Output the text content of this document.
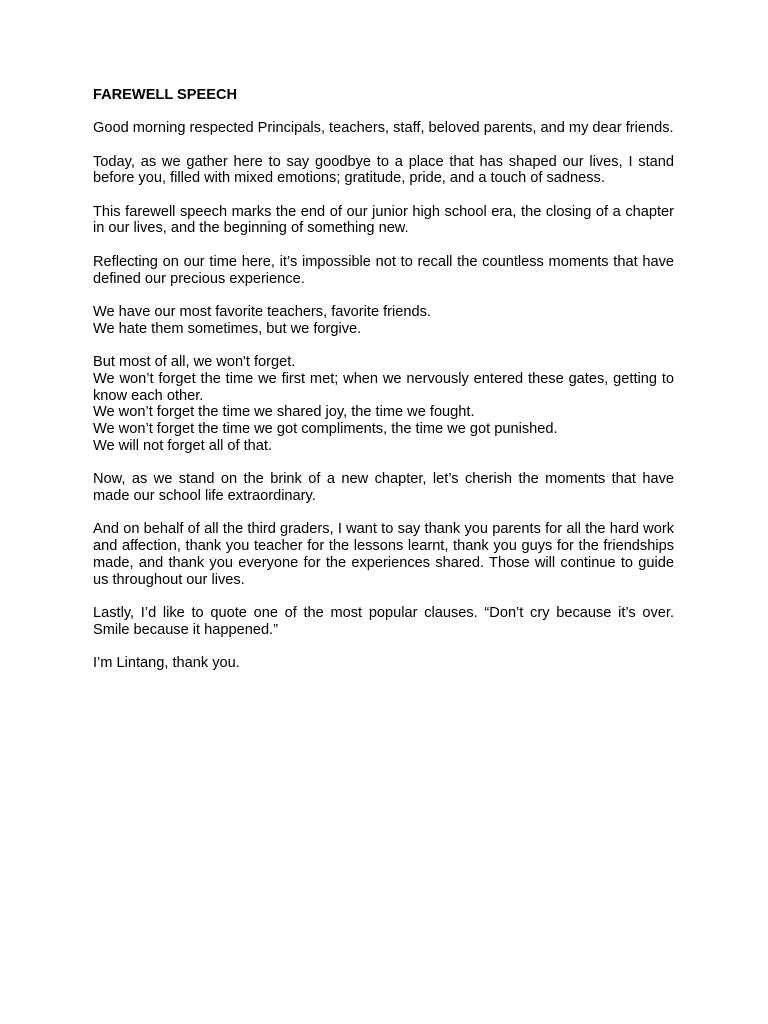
FAREWELL SPEECH

Good morning respected Principals, teachers, staff, beloved parents, and my dear friends.

Today, as we gather here to say goodbye to a place that has shaped our lives, I stand before you, filled with mixed emotions; gratitude, pride, and a touch of sadness.

This farewell speech marks the end of our junior high school era, the closing of a chapter in our lives, and the beginning of something new.

Reflecting on our time here, it’s impossible not to recall the countless moments that have defined our precious experience.

We have our most favorite teachers, favorite friends.
We hate them sometimes, but we forgive.
But most of all, we won't forget.
We won’t forget the time we first met; when we nervously entered these gates, getting to know each other.
We won’t forget the time we shared joy, the time we fought.
We won’t forget the time we got compliments, the time we got punished.
We will not forget all of that.

Now, as we stand on the brink of a new chapter, let’s cherish the moments that have made our school life extraordinary.

And on behalf of all the third graders, I want to say thank you parents for all the hard work and affection, thank you teacher for the lessons learnt, thank you guys for the friendships made, and thank you everyone for the experiences shared. Those will continue to guide us throughout our lives.

Lastly, I’d like to quote one of the most popular clauses. “Don’t cry because it’s over. Smile because it happened.”

I’m Lintang, thank you.
